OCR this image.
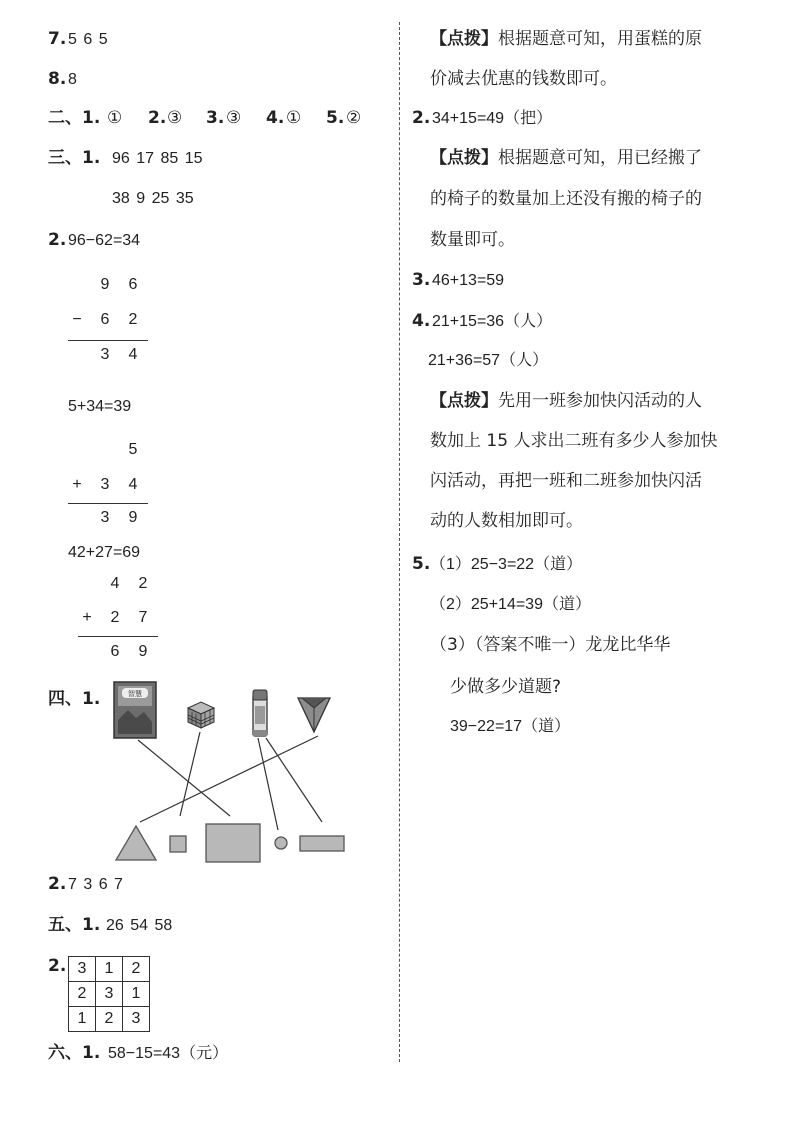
7. 5 6 5
8. 8
二、1. ① 2. ③ 3. ③ 4. ① 5. ②
三、1. 96 17 85 15
38 9 25 35
2. 96−62=34
9 6
− 6 2
3 4
5+34=39
5
+ 3 4
3 9
42+27=69
4 2
+ 2 7
6 9
四、1.	智慧
2. 7 3 6 7
五、1. 26 54 58
2. 3	1	2
2	3	1
1	2	3
六、1. 58−15=43（元）
【点拨】根据题意可知，用蛋糕的原
价减去优惠的钱数即可。
2. 34+15=49（把）
【点拨】根据题意可知，用已经搬了
的椅子的数量加上还没有搬的椅子的
数量即可。
3. 46+13=59
4. 21+15=36（人）
21+36=57（人）
【点拨】先用一班参加快闪活动的人
数加上 15 人求出二班有多少人参加快
闪活动，再把一班和二班参加快闪活
动的人数相加即可。
5. （1）25−3=22（道）
（2）25+14=39（道）
（3）（答案不唯一）龙龙比华华
少做多少道题?
39−22=17（道）
